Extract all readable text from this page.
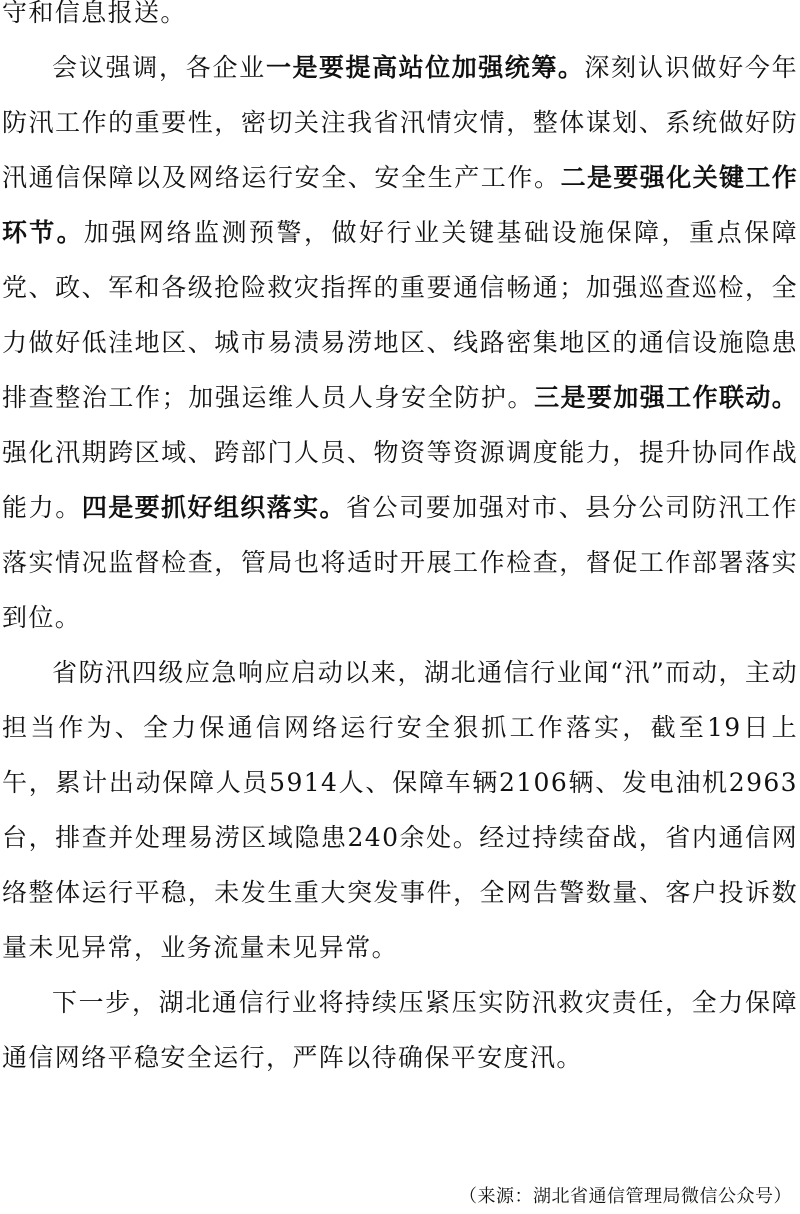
守和信息报送。

会议强调，各企业一是要提高站位加强统筹。深刻认识做好今年防汛工作的重要性，密切关注我省汛情灾情，整体谋划、系统做好防汛通信保障以及网络运行安全、安全生产工作。二是要强化关键工作环节。加强网络监测预警，做好行业关键基础设施保障，重点保障党、政、军和各级抢险救灾指挥的重要通信畅通；加强巡查巡检，全力做好低洼地区、城市易渍易涝地区、线路密集地区的通信设施隐患排查整治工作；加强运维人员人身安全防护。三是要加强工作联动。强化汛期跨区域、跨部门人员、物资等资源调度能力，提升协同作战能力。四是要抓好组织落实。省公司要加强对市、县分公司防汛工作落实情况监督检查，管局也将适时开展工作检查，督促工作部署落实到位。

省防汛四级应急响应启动以来，湖北通信行业闻“汛”而动，主动担当作为、全力保通信网络运行安全狠抓工作落实，截至19日上午，累计出动保障人员5914人、保障车辆2106辆、发电油机2963台，排查并处理易涝区域隐患240余处。经过持续奋战，省内通信网络整体运行平稳，未发生重大突发事件，全网告警数量、客户投诉数量未见异常，业务流量未见异常。

下一步，湖北通信行业将持续压紧压实防汛救灾责任，全力保障通信网络平稳安全运行，严阵以待确保平安度汛。

（来源：湖北省通信管理局微信公众号）
